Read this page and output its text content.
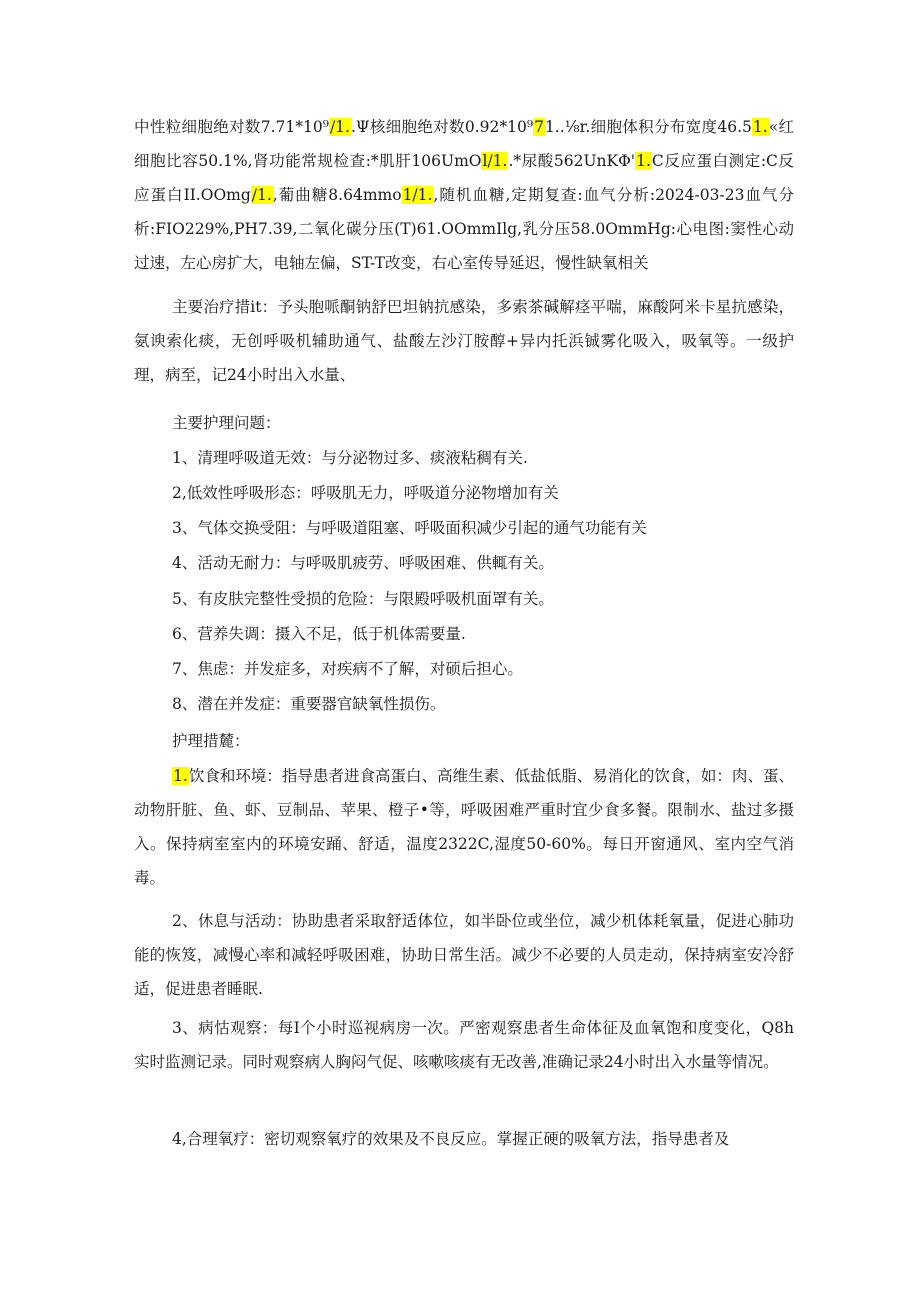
中性粒细胞绝对数7.71*10⁹/1..Ψ核细胞绝对数0.92*10⁹71..⅛r.细胞体积分布宽度46.51.«红细胞比容50.1%,肾功能常规检查:*肌肝106UmOl/1..*尿酸562UnKΦ'1.C反应蛋白测定:C反应蛋白II.OOmg/1.,葡曲糖8.64mmo1/1.,随机血糖,定期复查:血气分析:2024-03-23血气分析:FIO229%,PH7.39,二氧化碳分压(T)61.OOmmIlg,乳分压58.0OmmHg:心电图:窦性心动过速，左心房扩大，电轴左偏，ST-T改变，右心室传导延迟，慢性缺氧相关
主要治疗措it：予头胞哌酮钠舒巴坦钠抗感染，多索茶碱解痉平喘，麻酸阿米卡星抗感染，氨谀索化痰，无创呼吸机辅助通气、盐酸左沙汀胺醇+异内托浜铖雾化吸入，吸氧等。一级护理，病至，记24小时出入水量、
主要护理问题：
1、清理呼吸道无效：与分泌物过多、痰液粘稠有关.
2,低效性呼吸形态：呼吸肌无力，呼吸道分泌物增加有关
3、气体交换受阻：与呼吸道阻塞、呼吸面积减少引起的通气功能有关
4、活动无耐力：与呼吸肌疲劳、呼吸困难、供輒有关。
5、有皮肤完整性受损的危险：与限殿呼吸机面罩有关。
6、营养失调：摄入不足，低于机体需要量.
7、焦虑：并发症多，对疾病不了解，对硕后担心。
8、潜在并发症：重要器官缺氧性损伤。
护理措麓：
1.饮食和环境：指导患者进食高蛋白、高维生素、低盐低脂、易消化的饮食，如：肉、蛋、动物肝脏、鱼、虾、豆制品、苹果、橙子•等，呼吸困难严重时宜少食多餐。限制水、盐过多摄入。保持病室室内的环境安踊、舒适，温度2322C,湿度50-60%。每日开窗通风、室内空气消毒。
2、休息与活动：协助患者采取舒适体位，如半卧位或坐位，减少机体耗氧量，促进心肺功能的恢笈，减慢心率和减轻呼吸困难，协助日常生活。减少不必要的人员走动，保持病室安冷舒适，促进患者睡眠.
3、病怙观察：每I个小时巡视病房一次。严密观察患者生命体征及血氧饱和度变化，Q8h实时监测记录。同时观察病人胸闷气促、咳嗽咳痰有无改善,准确记录24小时出入水量等情况。
4,合理氧疗：密切观察氧疗的效果及不良反应。掌握正硬的吸氧方法，指导患者及
